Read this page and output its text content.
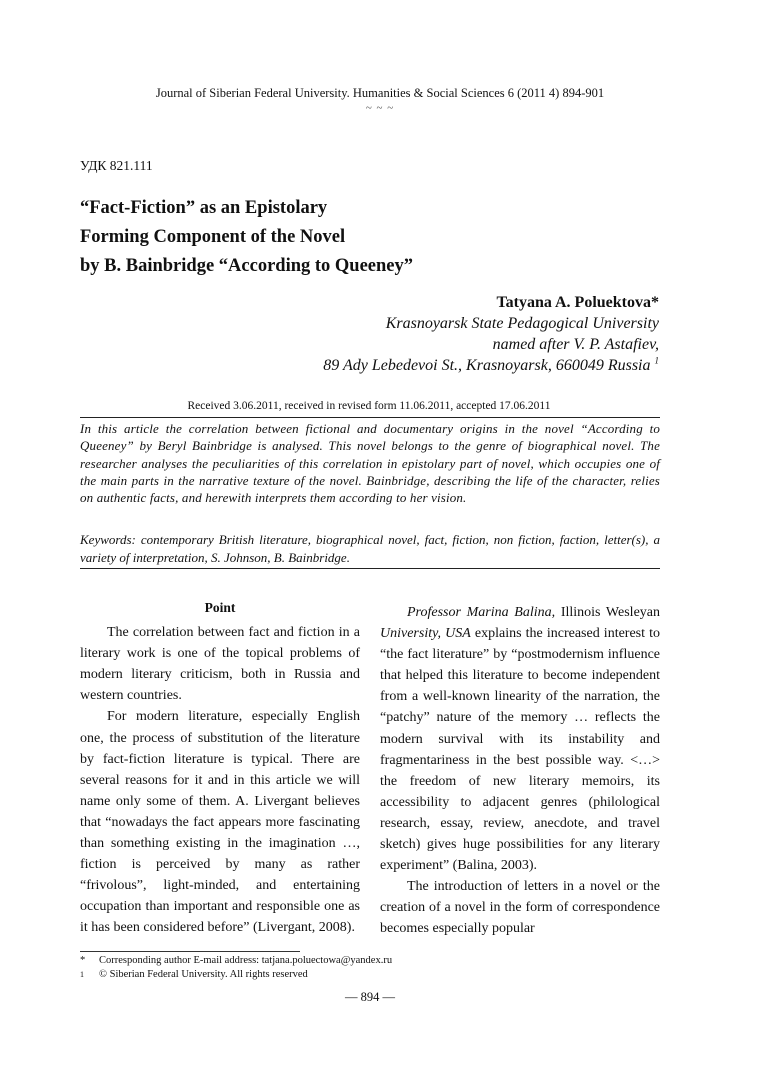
Journal of Siberian Federal University. Humanities & Social Sciences 6 (2011 4) 894-901
~ ~ ~
УДК 821.111
“Fact-Fiction” as an Epistolary
Forming Component of the Novel
by B. Bainbridge “According to Queeney”
Tatyana A. Poluektova*
Krasnoyarsk State Pedagogical University
named after V. P. Astafiev,
89 Ady Lebedevoi St., Krasnoyarsk, 660049 Russia $^1$
Received 3.06.2011, received in revised form 11.06.2011, accepted 17.06.2011
In this article the correlation between fictional and documentary origins in the novel “According to Queeney” by Beryl Bainbridge is analysed. This novel belongs to the genre of biographical novel. The researcher analyses the peculiarities of this correlation in epistolary part of novel, which occupies one of the main parts in the narrative texture of the novel. Bainbridge, describing the life of the character, relies on authentic facts, and herewith interprets them according to her vision.
Keywords: contemporary British literature, biographical novel, fact, fiction, non fiction, faction, letter(s), a variety of interpretation, S. Johnson, B. Bainbridge.
Point

The correlation between fact and fiction in a literary work is one of the topical problems of modern literary criticism, both in Russia and western countries.

For modern literature, especially English one, the process of substitution of the literature by fact-fiction literature is typical. There are several reasons for it and in this article we will name only some of them. A. Livergant believes that “nowadays the fact appears more fascinating than something existing in the imagination …, fiction is perceived by many as rather “frivolous”, light-minded, and entertaining occupation than important and responsible one as it has been considered before” (Livergant, 2008).

Professor Marina Balina, Illinois Wesleyan University, USA explains the increased interest to “the fact literature” by “postmodernism influence that helped this literature to become independent from a well-known linearity of the narration, the “patchy” nature of the memory … reflects the modern survival with its instability and fragmentariness in the best possible way. <…> the freedom of new literary memoirs, its accessibility to adjacent genres (philological research, essay, review, anecdote, and travel sketch) gives huge possibilities for any literary experiment” (Balina, 2003).

The introduction of letters in a novel or the creation of a novel in the form of correspondence becomes especially popular

* Corresponding author E-mail address: tatjana.poluectowa@yandex.ru
1 © Siberian Federal University. All rights reserved
— 894 —
